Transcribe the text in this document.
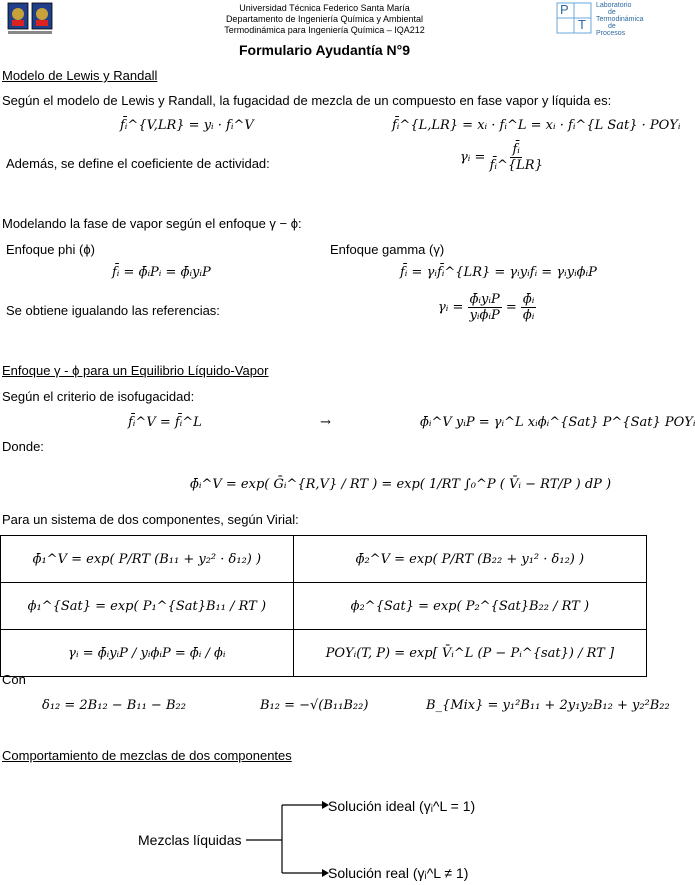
P
T
Laboratorio
de
Termodinámica
de
Procesos
Universidad Técnica Federico Santa María
Departamento de Ingeniería Química y Ambiental
Termodinámica para Ingeniería Química – IQA212
Formulario Ayudantía N°9
Modelo de Lewis y Randall
Según el modelo de Lewis y Randall, la fugacidad de mezcla de un compuesto en fase vapor y líquida es:
f̄ᵢ^{V,LR} = yᵢ · fᵢ^V	f̄ᵢ^{L,LR} = xᵢ · fᵢ^L = xᵢ · fᵢ^{L Sat} · POYᵢ
Además, se define el coeficiente de actividad:	γᵢ = $\frac{\text{f̄ᵢ}}{\text{f̄ᵢ\textasciicircum{}\{LR\}}}$
Modelando la fase de vapor según el enfoque γ − ϕ:
Enfoque phi (ϕ)	Enfoque gamma (γ)
f̄ᵢ = ϕ̄ᵢPᵢ = ϕ̄ᵢyᵢP	f̄ᵢ = γᵢf̄ᵢ^{LR} = γᵢyᵢfᵢ = γᵢyᵢϕᵢP
Se obtiene igualando las referencias:	γᵢ = $\frac{\text{ϕ̄ᵢyᵢP}}{\text{yᵢϕᵢP}} = \frac{\text{ϕ̄ᵢ}}{\text{ϕᵢ}}$
Enfoque γ - ϕ para un Equilibrio Líquido-Vapor
Según el criterio de isofugacidad:
f̄ᵢ^V = f̄ᵢ^L	→	ϕ̄ᵢ^V yᵢP = γᵢ^L xᵢϕᵢ^{Sat} P^{Sat} POYᵢ
Donde:
ϕ̄ᵢ^V = exp( Ḡᵢ^{R,V} / RT ) = exp( 1/RT ∫₀^P ( V̄ᵢ − RT/P ) dP )
Para un sistema de dos componentes, según Virial:
ϕ̄₁^V = exp( P/RT (B₁₁ + y₂² · δ₁₂) )	ϕ̄₂^V = exp( P/RT (B₂₂ + y₁² · δ₁₂) )
ϕ₁^{Sat} = exp( P₁^{Sat}B₁₁ / RT )	ϕ₂^{Sat} = exp( P₂^{Sat}B₂₂ / RT )
γᵢ = ϕ̄ᵢyᵢP / yᵢϕᵢP = ϕ̄ᵢ / ϕᵢ	POYᵢ(T, P) = exp[ V̄ᵢ^L (P − Pᵢ^{sat}) / RT ]
Con
δ₁₂ = 2B₁₂ − B₁₁ − B₂₂	B₁₂ = −√(B₁₁B₂₂)	B_{Mix} = y₁²B₁₁ + 2y₁y₂B₁₂ + y₂²B₂₂
Comportamiento de mezclas de dos componentes
Mezclas líquidas
Solución ideal (γᵢ^L = 1)
Solución real (γᵢ^L ≠ 1)
